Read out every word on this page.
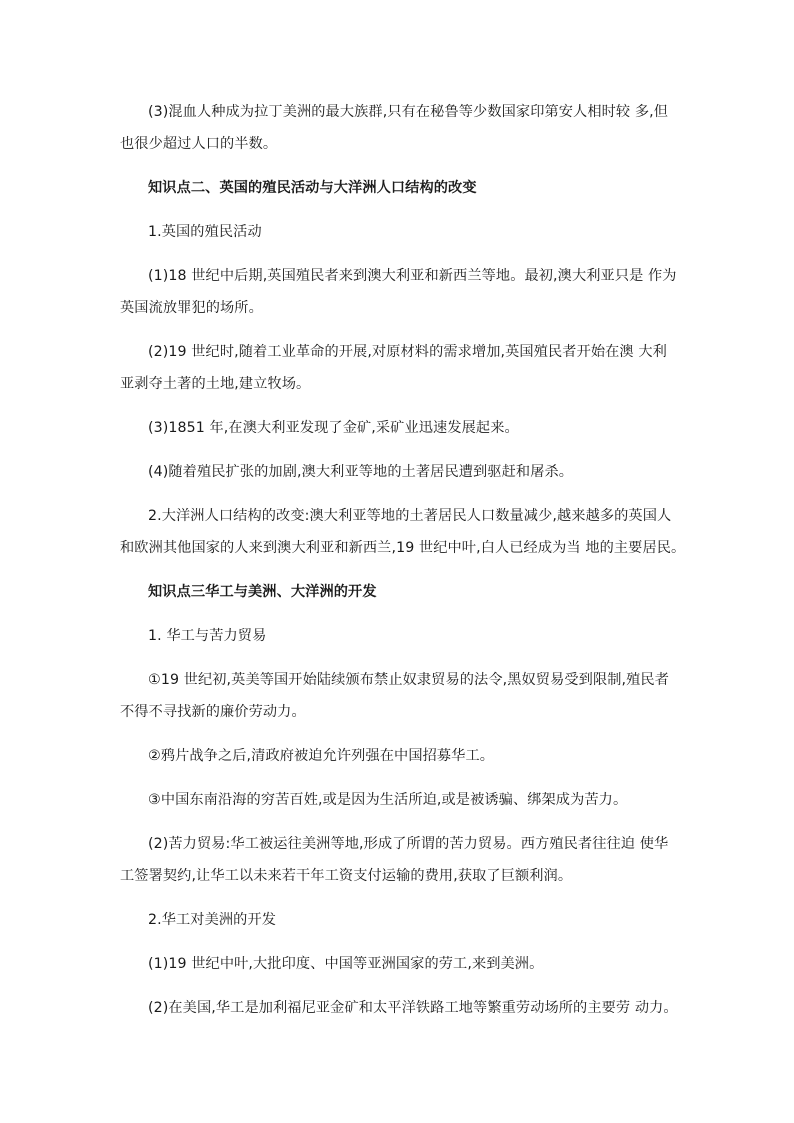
(3)混血人种成为拉丁美洲的最大族群,只有在秘鲁等少数国家印第安人相时较 多,但
也很少超过人口的半数。
知识点二、英国的殖民活动与大洋洲人口结构的改变
1.英国的殖民活动
(1)18 世纪中后期,英国殖民者来到澳大利亚和新西兰等地。最初,澳大利亚只是 作为
英国流放罪犯的场所。
(2)19 世纪时,随着工业革命的开展,对原材料的需求增加,英国殖民者开始在澳 大利
亚剥夺土著的土地,建立牧场。
(3)1851 年,在澳大利亚发现了金矿,采矿业迅速发展起来。
(4)随着殖民扩张的加剧,澳大利亚等地的土著居民遭到驱赶和屠杀。
2.大洋洲人口结构的改变:澳大利亚等地的土著居民人口数量减少,越来越多的英国人
和欧洲其他国家的人来到澳大利亚和新西兰,19 世纪中叶,白人已经成为当 地的主要居民。
知识点三华工与美洲、大洋洲的开发
1. 华工与苦力贸易
①19 世纪初,英美等国开始陆续颁布禁止奴隶贸易的法令,黑奴贸易受到限制,殖民者
不得不寻找新的廉价劳动力。
②鸦片战争之后,清政府被迫允许列强在中国招募华工。
③中国东南沿海的穷苦百姓,或是因为生活所迫,或是被诱骗、绑架成为苦力。
(2)苦力贸易:华工被运往美洲等地,形成了所谓的苦力贸易。西方殖民者往往迫 使华
工签署契约,让华工以未来若干年工资支付运输的费用,获取了巨额利润。
2.华工对美洲的开发
(1)19 世纪中叶,大批印度、中国等亚洲国家的劳工,来到美洲。
(2)在美国,华工是加利福尼亚金矿和太平洋铁路工地等繁重劳动场所的主要劳 动力。
